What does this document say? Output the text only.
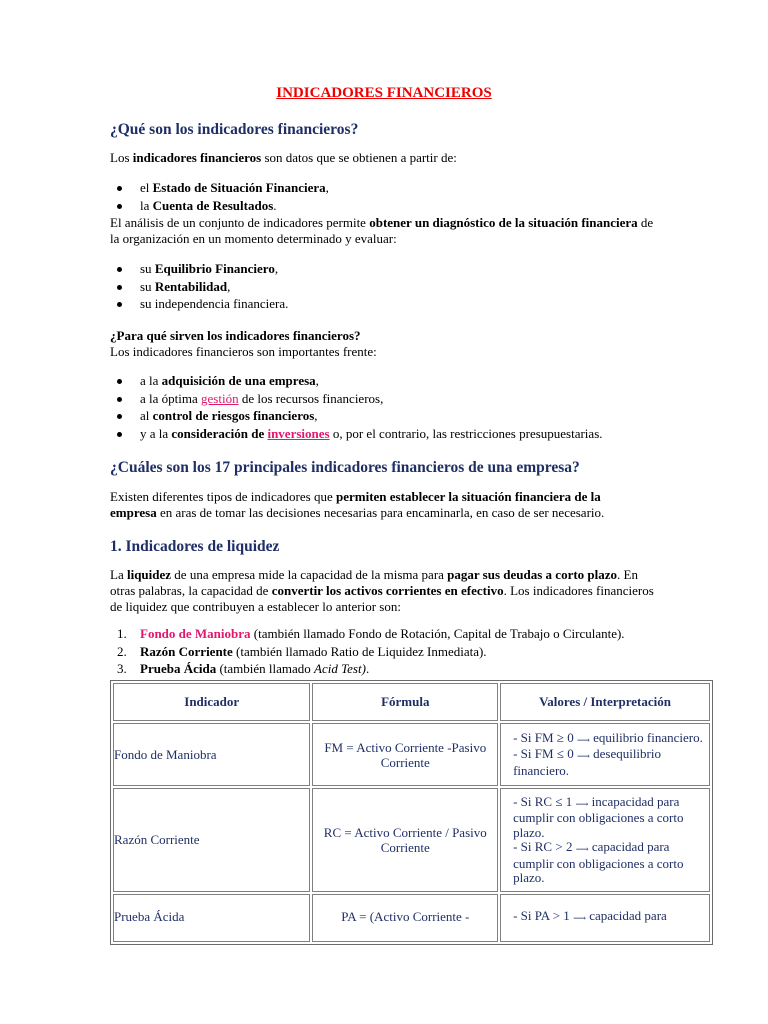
INDICADORES FINANCIEROS
¿Qué son los indicadores financieros?

Los indicadores financieros son datos que se obtienen a partir de:

el Estado de Situación Financiera,
la Cuenta de Resultados.

El análisis de un conjunto de indicadores permite obtener un diagnóstico de la situación financiera de la organización en un momento determinado y evaluar:

su Equilibrio Financiero,
su Rentabilidad,
su independencia financiera.

¿Para qué sirven los indicadores financieros?
Los indicadores financieros son importantes frente:

a la adquisición de una empresa,
a la óptima gestión de los recursos financieros,
al control de riesgos financieros,
y a la consideración de inversiones o, por el contrario, las restricciones presupuestarias.
¿Cuáles son los 17 principales indicadores financieros de una empresa?

Existen diferentes tipos de indicadores que permiten establecer la situación financiera de la empresa en aras de tomar las decisiones necesarias para encaminarla, en caso de ser necesario.

1. Indicadores de liquidez

La liquidez de una empresa mide la capacidad de la misma para pagar sus deudas a corto plazo. En otras palabras, la capacidad de convertir los activos corrientes en efectivo. Los indicadores financieros de liquidez que contribuyen a establecer lo anterior son:

1. Fondo de Maniobra (también llamado Fondo de Rotación, Capital de Trabajo o Circulante).
2. Razón Corriente (también llamado Ratio de Liquidez Inmediata).
3. Prueba Ácida (también llamado Acid Test).
Indicador	Fórmula	Valores / Interpretación
Fondo de Maniobra	FM = Activo Corriente -Pasivo Corriente	- Si FM ≥ 0 ⟶ equilibrio financiero.
- Si FM ≤ 0 ⟶ desequilibrio financiero.
Razón Corriente	RC = Activo Corriente / Pasivo Corriente	- Si RC ≤ 1 ⟶ incapacidad para cumplir con obligaciones a corto plazo.
- Si RC > 2 ⟶ capacidad para cumplir con obligaciones a corto plazo.
Prueba Ácida	PA = (Activo Corriente -	- Si PA > 1 ⟶ capacidad para
